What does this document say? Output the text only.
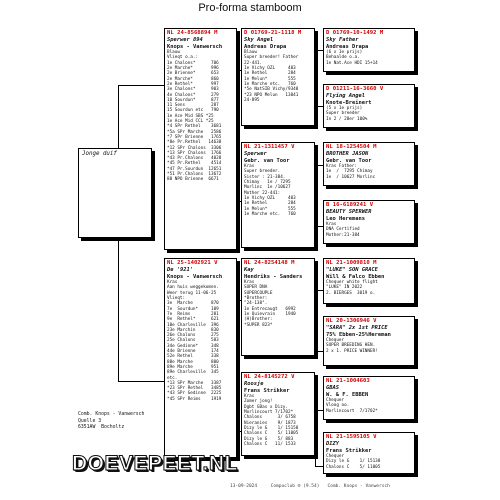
Pro-forma stamboom
Jonge duif
NL 24-8568894 M
Sperwer 894
Knops - Vanwersch
Blauw
Vlieqt o.a.:
1e Chalons*      706
2e Marche*       996
2e Brienne*      653
2e Marche*       860
2e Rethel*       997
3e Chalons*      903
4e Chalons*      279
10 Sourdun*      877
11 Sens          287
15 Sourdun etc   790
1e Ace Mid SBS *25
1e Ace Mid CCL *25
*4 SPr Rethel    3681
*5a SPr Marche   2586
*7 SPr Brienne   1765
*8e Pr.Rethel   14638
*12 SPr Chalons  3306
*13 SPr Chalons  1766
*43 Pr.Chalons   4028
*45 Pr.Rethel    4514
*47 Pr.Sourdun  12651
*51 Pr.Chalons  13672
88 NPO Brienne  6671
NL 25-1402921 V
De '921'
Knops - Vanwersch
Kras
Aan huis weggekomen.
Weer terug 11-06-25
Vlieqt:
3e  Marche       870
7e  Sourdun*     109
7e  Reims        281
9e  Rethel*      621
10e Charleville  396
23e Marchin      830
26e Chalons      275
25e Chalons      583
34e Gedinne*     348
44e Brienne      174
52e Rethel       338
88e Marche       800
89e Marche       951
89e Charleville  345
etc.
*13 SPr Marche   3387
*23 SPr Rethel   3485
*43 SPr Gedinne  2225
*45 SPr Reims    1919
D 01769-21-1118 M
Sky Angel
Andreas Drapa
Blauw
Super breeder! Father
22-441.
1e Vichy OZL     403
1e Rethel        284
1e Melun*        555
1e Marche etc.   760
*5e NatSIB Vichy/9348
*23 NPO Melun   13041
24-895
NL 21-1311457 V
Sperwer
Gebr. van Toor
Kras
Super breeder.
Sister : 21-384.
Chimay   1e / 7295
Morlinc  1e /10627
Mother 22-441:
1e Vichy OZL     403
1e Rethel        284
1e Melun*        555
1e Marche etc.   760
NL 24-8254148 M
Kay
Hendriks - Sanders
Kras
SUPER DNA
SUPERCOUPLE
*Brother:
"24-138".
1e Entrecaugt   6992
1e Quievrain    1940
(H)Brother:
*SUPER 823*
NL 24-8145272 V
Roosje
Frans Strikker
Kras
Zomer jong!
Dgbt GBas x Dizy.
Morlincourt 7/1702*
Chalons      3/ 6758
Nieranies    9/ 1873
Dizy le G    1/ 15158
Chalons C    5/ 11005
Dizy le G    5/ 883
Chalons C   11/ 1533
D 01769-10-1492 M
Sky Father
Andreas Drapa
(6 x 1e prijs)
Behaalde o.a.
1e Nat.Ace HDI 15+14
D 01211-16-3660 V
Flying Angel
Knote-Breinert
(5 x 1e prijs)
Super breeder
In 2 / 28er 100%
NL 18-1254504 M
BROTHER JASON
Gebr. van Toor
Kras Father:
1e  /  7295 Chimay
1e  / 10627 Morlinc
B 16-6189241 V
BEAUTY SPERWER
Leo Heremans
Kras
DNA Certified
Mother:21-384
NL 21-1009810 M
"LUKE" SON GRACE
Will & Falco Ebben
Chequer white flight
"LUKE" IN 2022
2. BIERGES  3019 o.
NL 20-1306946 V
"SARA" 2x 1st PRICE
75% Ebben-25%Hereman
Chequer
SUPER BREEDING HEN.
2 x 1. PRICE WINNER!
NL 21-1004603
GBAS
W. & F. EBBEN
Chequer
Vloog oo.
Morlincourt  7/1702*
NL 21-1595105 V
DIZY
Frans Strikker
Chequer
Dizy le G    1/ 15138
Chalons C    5/ 11005
Comb. Knops - Vanwersch
Quelle 3
6351AW  Bocholtz
DOEVEPEET.NL
13-09-2024     Compuclub ® (9.54)   Comb. Knops - Vanwersch
